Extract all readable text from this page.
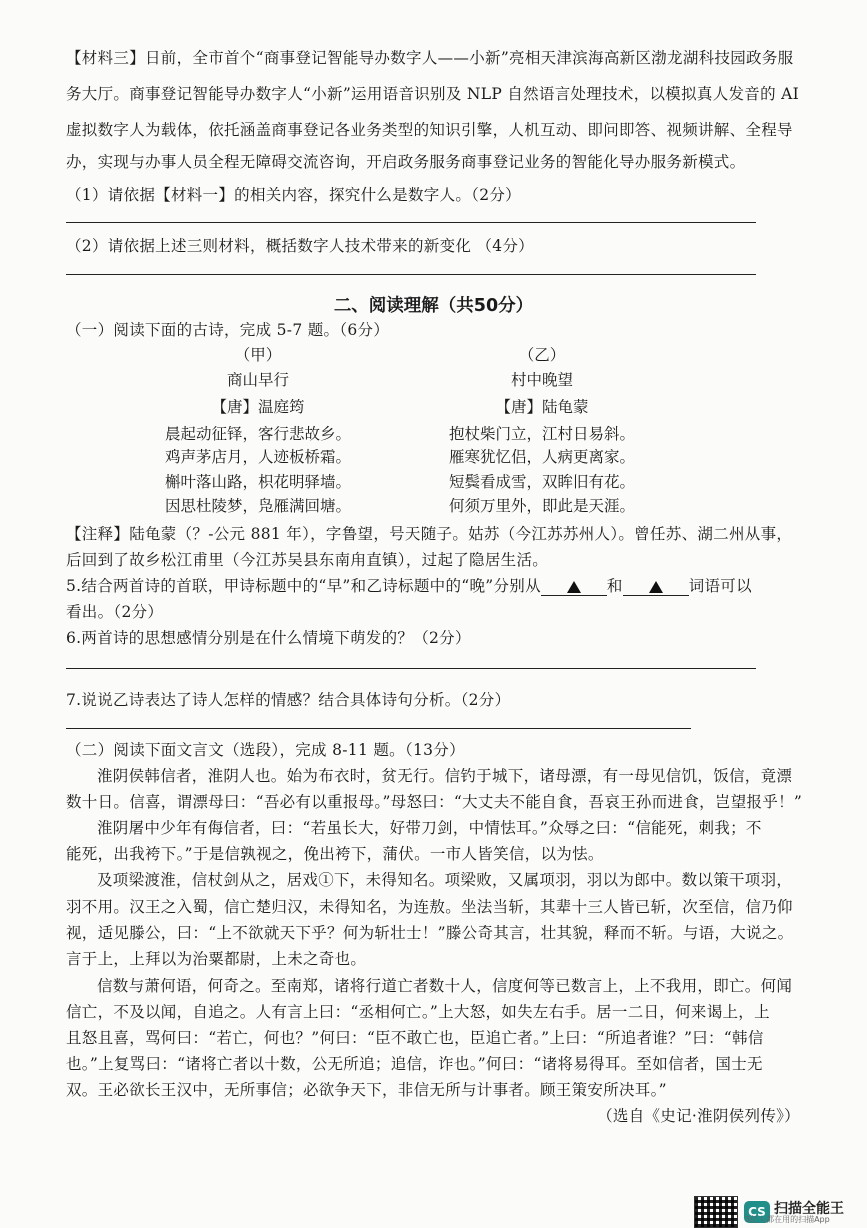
【材料三】日前，全市首个“商事登记智能导办数字人——小新”亮相天津滨海高新区渤龙湖科技园政务服
务大厅。商事登记智能导办数字人“小新”运用语音识别及 NLP 自然语言处理技术，以模拟真人发音的 AI
虚拟数字人为载体，依托涵盖商事登记各业务类型的知识引擎，人机互动、即问即答、视频讲解、全程导
办，实现与办事人员全程无障碍交流咨询，开启政务服务商事登记业务的智能化导办服务新模式。
（1）请依据【材料一】的相关内容，探究什么是数字人。（2分）
（2）请依据上述三则材料，概括数字人技术带来的新变化 （4分）
二、阅读理解（共50分）
（一）阅读下面的古诗，完成 5-7 题。（6分）
（甲）
商山早行
【唐】温庭筠
晨起动征铎，客行悲故乡。
鸡声茅店月，人迹板桥霜。
槲叶落山路，枳花明驿墙。
因思杜陵梦，凫雁满回塘。
（乙）
村中晚望
【唐】陆龟蒙
抱杖柴门立，江村日易斜。
雁寒犹忆侣，人病更离家。
短鬓看成雪，双眸旧有花。
何须万里外，即此是天涯。
【注释】陆龟蒙（？-公元 881 年），字鲁望，号天随子。姑苏（今江苏苏州人）。曾任苏、湖二州从事，
后回到了故乡松江甫里（今江苏吴县东南甪直镇），过起了隐居生活。
5.结合两首诗的首联，甲诗标题中的“早”和乙诗标题中的“晚”分别从	和	词语可以
看出。（2分）
6.两首诗的思想感情分别是在什么情境下萌发的？（2分）
7.说说乙诗表达了诗人怎样的情感？结合具体诗句分析。（2分）
（二）阅读下面文言文（选段），完成 8-11 题。（13分）
淮阴侯韩信者，淮阴人也。始为布衣时，贫无行。信钓于城下，诸母漂，有一母见信饥，饭信，竟漂
数十日。信喜，谓漂母曰：“吾必有以重报母。”母怒曰：“大丈夫不能自食，吾哀王孙而进食，岂望报乎！”
淮阴屠中少年有侮信者，曰：“若虽长大，好带刀剑，中情怯耳。”众辱之曰：“信能死，刺我；不
能死，出我袴下。”于是信孰视之，俛出袴下，蒲伏。一市人皆笑信，以为怯。
及项梁渡淮，信杖剑从之，居戏①下，未得知名。项梁败，又属项羽，羽以为郎中。数以策干项羽，
羽不用。汉王之入蜀，信亡楚归汉，未得知名，为连敖。坐法当斩，其辈十三人皆已斩，次至信，信乃仰
视，适见滕公，曰：“上不欲就天下乎？何为斩壮士！”滕公奇其言，壮其貌，释而不斩。与语，大说之。
言于上，上拜以为治粟都尉，上未之奇也。
信数与萧何语，何奇之。至南郑，诸将行道亡者数十人，信度何等已数言上，上不我用，即亡。何闻
信亡，不及以闻，自追之。人有言上曰：“丞相何亡。”上大怒，如失左右手。居一二日，何来谒上，上
且怒且喜，骂何曰：“若亡，何也？”何曰：“臣不敢亡也，臣追亡者。”上曰：“所追者谁？”曰：“韩信
也。”上复骂曰：“诸将亡者以十数，公无所追；追信，诈也。”何曰：“诸将易得耳。至如信者，国士无
双。王必欲长王汉中，无所事信；必欲争天下，非信无所与计事者。顾王策安所决耳。”
（选自《史记·淮阴侯列传》）
CS 扫描全能王
3亿人都在用的扫描App
